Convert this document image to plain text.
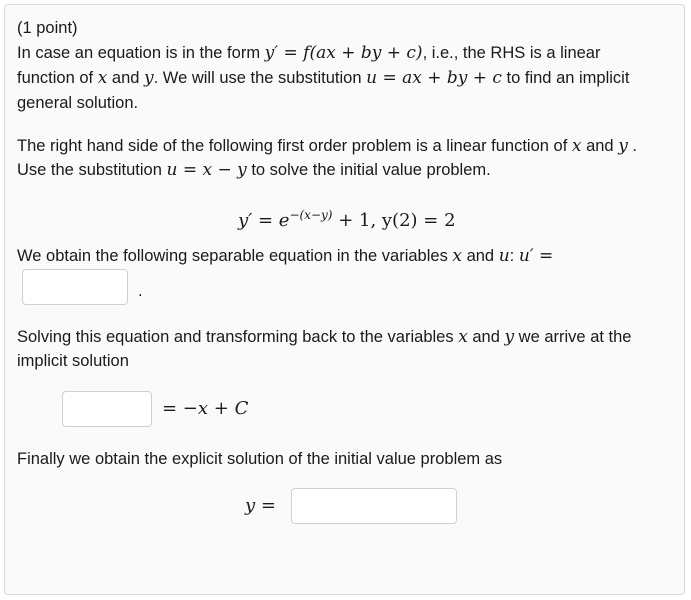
(1 point)

In case an equation is in the form y′ = f(ax + by + c), i.e., the RHS is a linear

function of x and y. We will use the substitution u = ax + by + c to find an implicit

general solution.

The right hand side of the following first order problem is a linear function of x and y .

Use the substitution u = x − y to solve the initial value problem.

$y' = e^{-(x-y)} + 1$, y(2) = 2

We obtain the following separable equation in the variables x and u: u′ =

.

Solving this equation and transforming back to the variables x and y we arrive at the

implicit solution

= −x + C

Finally we obtain the explicit solution of the initial value problem as

y =
